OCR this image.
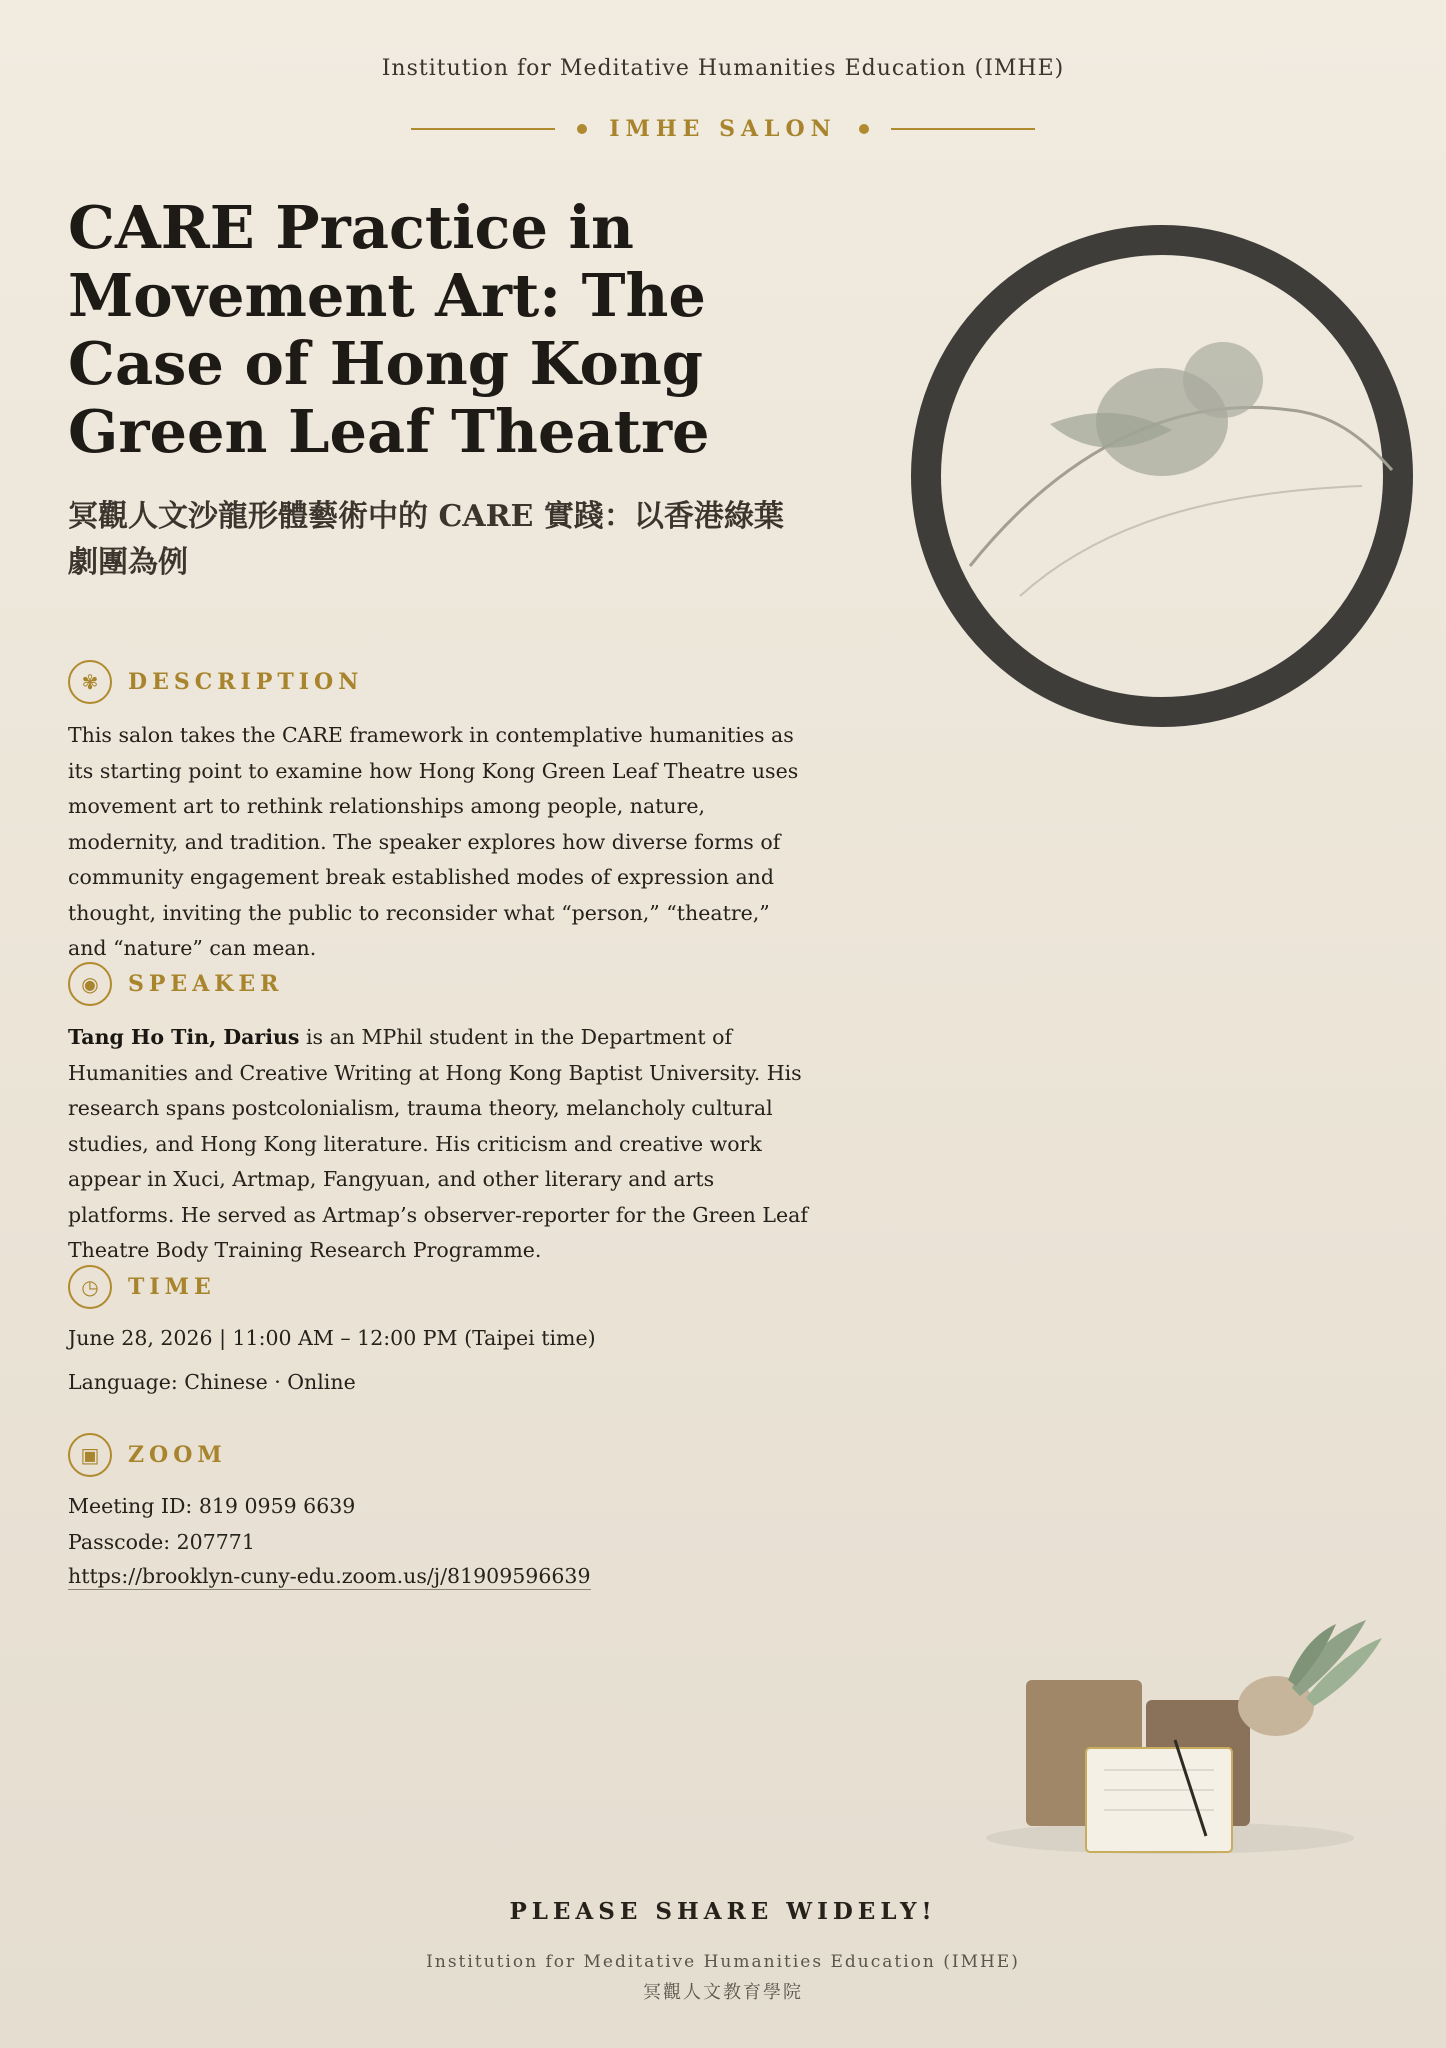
Institution for Meditative Humanities Education (IMHE)
IMHE SALON
CARE Practice in Movement Art: The Case of Hong Kong Green Leaf Theatre
冥觀人文沙龍形體藝術中的 CARE 實踐：以香港綠葉劇團為例
✾	DESCRIPTION

This salon takes the CARE framework in contemplative humanities as its starting point to examine how Hong Kong Green Leaf Theatre uses movement art to rethink relationships among people, nature, modernity, and tradition. The speaker explores how diverse forms of community engagement break established modes of expression and thought, inviting the public to reconsider what “person,” “theatre,” and “nature” can mean.

◉	SPEAKER

Tang Ho Tin, Darius is an MPhil student in the Department of Humanities and Creative Writing at Hong Kong Baptist University. His research spans postcolonialism, trauma theory, melancholy cultural studies, and Hong Kong literature. His criticism and creative work appear in Xuci, Artmap, Fangyuan, and other literary and arts platforms. He served as Artmap’s observer-reporter for the Green Leaf Theatre Body Training Research Programme.

◷	TIME
June 28, 2026 | 11:00 AM – 12:00 PM (Taipei time)
Language: Chinese · Online
▣	ZOOM
Meeting ID: 819 0959 6639
Passcode: 207771
https://brooklyn-cuny-edu.zoom.us/j/81909596639
PLEASE SHARE WIDELY!
Institution for Meditative Humanities Education (IMHE)
冥觀人文教育學院
